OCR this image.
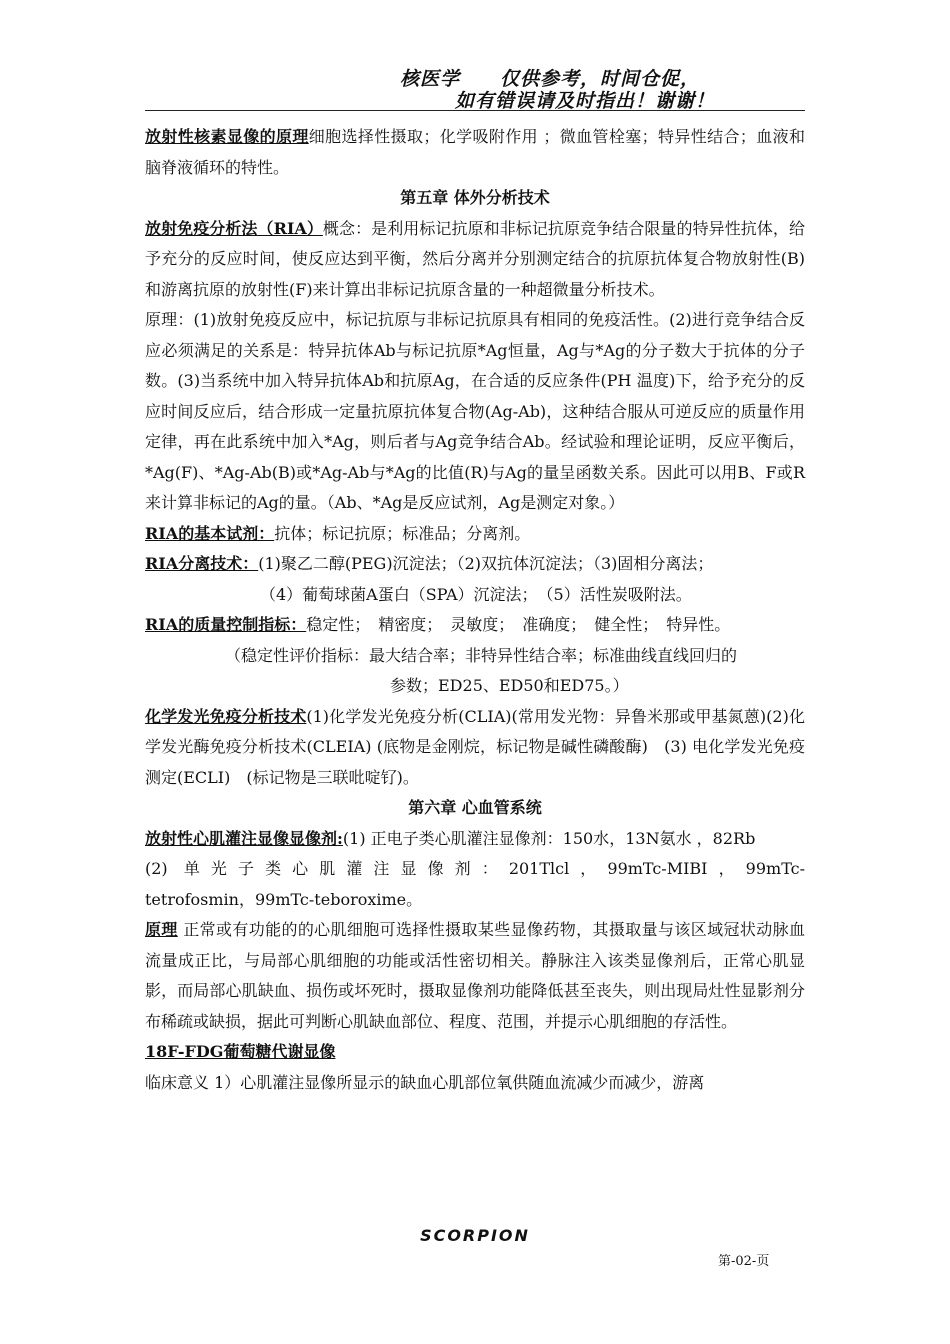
核医学　　仅供参考，时间仓促，
如有错误请及时指出！谢谢！

放射性核素显像的原理细胞选择性摄取；化学吸附作用 ；微血管栓塞；特异性结合；血液和脑脊液循环的特性。

第五章 体外分析技术

放射免疫分析法（RIA）概念：是利用标记抗原和非标记抗原竞争结合限量的特异性抗体，给予充分的反应时间，使反应达到平衡，然后分离并分别测定结合的抗原抗体复合物放射性(B)和游离抗原的放射性(F)来计算出非标记抗原含量的一种超微量分析技术。

原理：(1)放射免疫反应中，标记抗原与非标记抗原具有相同的免疫活性。(2)进行竞争结合反应必须满足的关系是：特异抗体Ab与标记抗原*Ag恒量，Ag与*Ag的分子数大于抗体的分子数。(3)当系统中加入特异抗体Ab和抗原Ag，在合适的反应条件(PH 温度)下，给予充分的反应时间反应后，结合形成一定量抗原抗体复合物(Ag-Ab)，这种结合服从可逆反应的质量作用定律，再在此系统中加入*Ag，则后者与Ag竞争结合Ab。经试验和理论证明，反应平衡后，*Ag(F)、*Ag-Ab(B)或*Ag-Ab与*Ag的比值(R)与Ag的量呈函数关系。因此可以用B、F或R来计算非标记的Ag的量。（Ab、*Ag是反应试剂，Ag是测定对象。）

RIA的基本试剂：抗体；标记抗原；标准品；分离剂。

RIA分离技术：(1)聚乙二醇(PEG)沉淀法；（2)双抗体沉淀法；（3)固相分离法；

（4）葡萄球菌A蛋白（SPA）沉淀法；　（5）活性炭吸附法。

RIA的质量控制指标：稳定性；　精密度；　灵敏度；　准确度；　健全性；　特异性。

（稳定性评价指标：最大结合率；非特异性结合率；标准曲线直线回归的

参数；ED25、ED50和ED75。）

化学发光免疫分析技术(1)化学发光免疫分析(CLIA)(常用发光物：异鲁米那或甲基氮蒽)(2)化学发光酶免疫分析技术(CLEIA) (底物是金刚烷，标记物是碱性磷酸酶)　(3) 电化学发光免疫测定(ECLI)　(标记物是三联吡啶钌)。

第六章 心血管系统

放射性心肌灌注显像显像剂:(1) 正电子类心肌灌注显像剂：150水，13N氨水 ，82Rb

(2) 单光子类心肌灌注显像剂：201Tlcl，99mTc-MIBI，99mTc-

tetrofosmin，99mTc-teboroxime。

原理 正常或有功能的的心肌细胞可选择性摄取某些显像药物，其摄取量与该区域冠状动脉血流量成正比，与局部心肌细胞的功能或活性密切相关。静脉注入该类显像剂后，正常心肌显影，而局部心肌缺血、损伤或坏死时，摄取显像剂功能降低甚至丧失，则出现局灶性显影剂分布稀疏或缺损，据此可判断心肌缺血部位、程度、范围，并提示心肌细胞的存活性。

18F-FDG葡萄糖代谢显像

临床意义 1）心肌灌注显像所显示的缺血心肌部位氧供随血流减少而减少，游离

SCORPION
第-02-页
